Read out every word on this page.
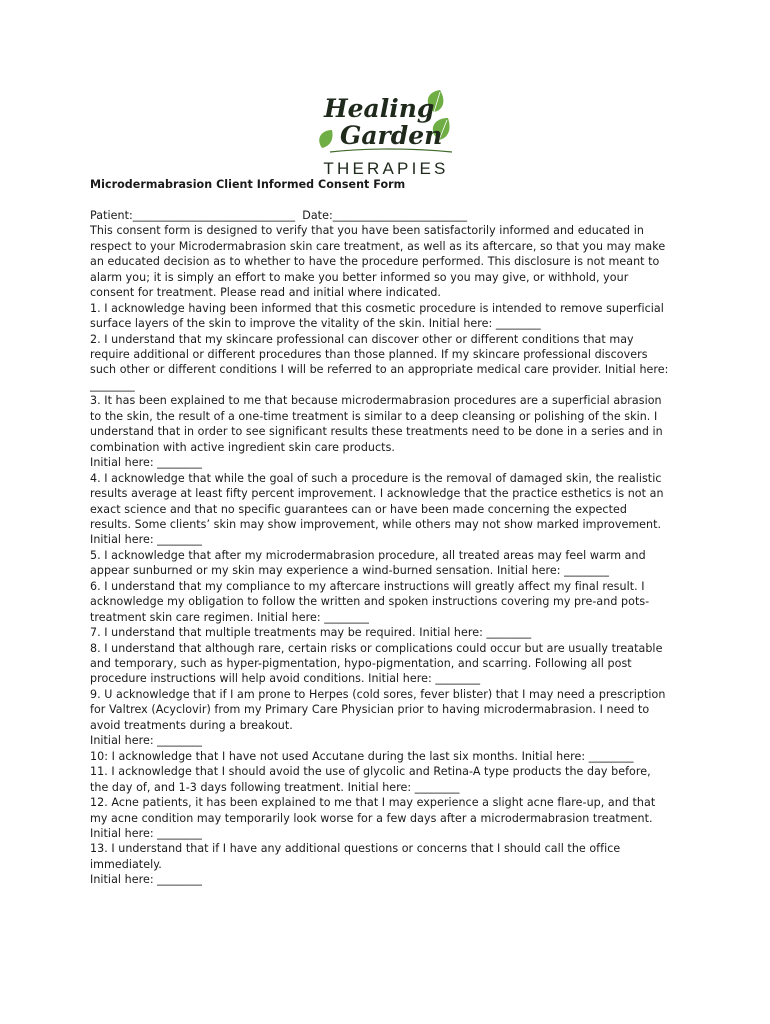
Healing
Garden
THERAPIES

Microdermabrasion Client Informed Consent Form

Patient:_____________________________  Date:________________________

This consent form is designed to verify that you have been satisfactorily informed and educated in

respect to your Microdermabrasion skin care treatment, as well as its aftercare, so that you may make

an educated decision as to whether to have the procedure performed. This disclosure is not meant to

alarm you; it is simply an effort to make you better informed so you may give, or withhold, your

consent for treatment. Please read and initial where indicated.

1. I acknowledge having been informed that this cosmetic procedure is intended to remove superficial

surface layers of the skin to improve the vitality of the skin. Initial here: ________

2. I understand that my skincare professional can discover other or different conditions that may

require additional or different procedures than those planned. If my skincare professional discovers

such other or different conditions I will be referred to an appropriate medical care provider. Initial here:

________

3. It has been explained to me that because microdermabrasion procedures are a superficial abrasion

to the skin, the result of a one-time treatment is similar to a deep cleansing or polishing of the skin. I

understand that in order to see significant results these treatments need to be done in a series and in

combination with active ingredient skin care products.

Initial here: ________

4. I acknowledge that while the goal of such a procedure is the removal of damaged skin, the realistic

results average at least fifty percent improvement. I acknowledge that the practice esthetics is not an

exact science and that no specific guarantees can or have been made concerning the expected

results. Some clients’ skin may show improvement, while others may not show marked improvement.

Initial here: ________

5. I acknowledge that after my microdermabrasion procedure, all treated areas may feel warm and

appear sunburned or my skin may experience a wind-burned sensation. Initial here: ________

6. I understand that my compliance to my aftercare instructions will greatly affect my final result. I

acknowledge my obligation to follow the written and spoken instructions covering my pre-and pots-

treatment skin care regimen. Initial here: ________

7. I understand that multiple treatments may be required. Initial here: ________

8. I understand that although rare, certain risks or complications could occur but are usually treatable

and temporary, such as hyper-pigmentation, hypo-pigmentation, and scarring. Following all post

procedure instructions will help avoid conditions. Initial here: ________

9. U acknowledge that if I am prone to Herpes (cold sores, fever blister) that I may need a prescription

for Valtrex (Acyclovir) from my Primary Care Physician prior to having microdermabrasion. I need to

avoid treatments during a breakout.

Initial here: ________

10: I acknowledge that I have not used Accutane during the last six months. Initial here: ________

11. I acknowledge that I should avoid the use of glycolic and Retina-A type products the day before,

the day of, and 1-3 days following treatment. Initial here: ________

12. Acne patients, it has been explained to me that I may experience a slight acne flare-up, and that

my acne condition may temporarily look worse for a few days after a microdermabrasion treatment.

Initial here: ________

13. I understand that if I have any additional questions or concerns that I should call the office

immediately.

Initial here: ________
